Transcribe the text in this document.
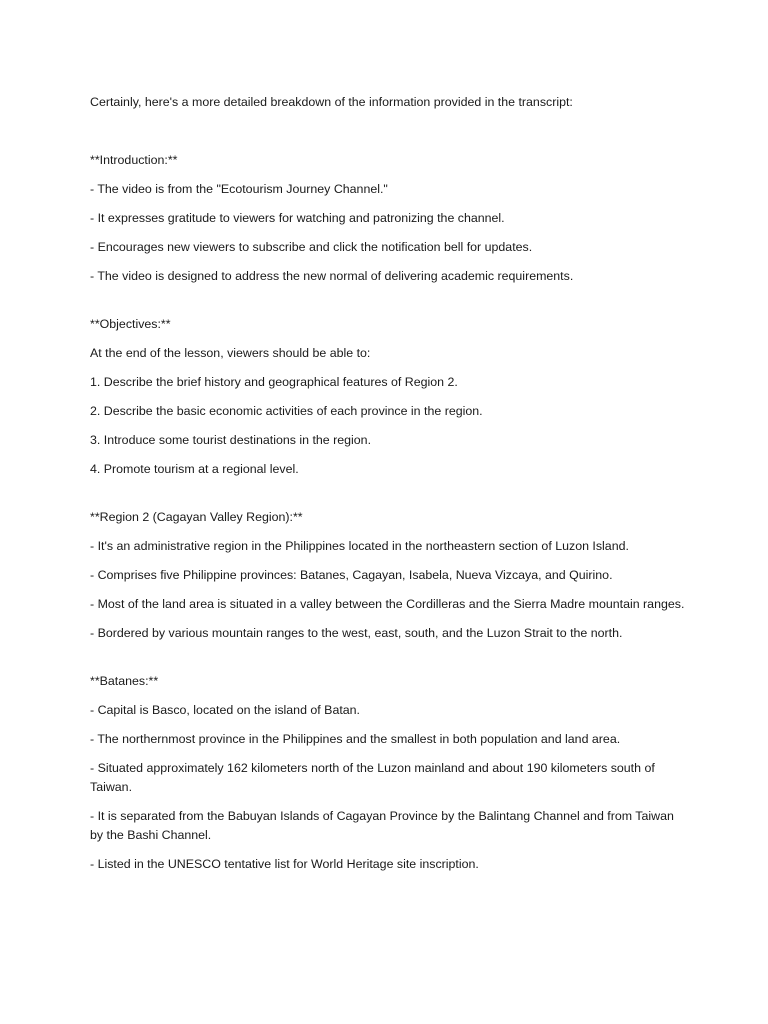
Certainly, here's a more detailed breakdown of the information provided in the transcript:

**Introduction:**

- The video is from the "Ecotourism Journey Channel."

- It expresses gratitude to viewers for watching and patronizing the channel.

- Encourages new viewers to subscribe and click the notification bell for updates.

- The video is designed to address the new normal of delivering academic requirements.

**Objectives:**

At the end of the lesson, viewers should be able to:

1. Describe the brief history and geographical features of Region 2.

2. Describe the basic economic activities of each province in the region.

3. Introduce some tourist destinations in the region.

4. Promote tourism at a regional level.

**Region 2 (Cagayan Valley Region):**

- It's an administrative region in the Philippines located in the northeastern section of Luzon Island.

- Comprises five Philippine provinces: Batanes, Cagayan, Isabela, Nueva Vizcaya, and Quirino.

- Most of the land area is situated in a valley between the Cordilleras and the Sierra Madre mountain ranges.

- Bordered by various mountain ranges to the west, east, south, and the Luzon Strait to the north.

**Batanes:**

- Capital is Basco, located on the island of Batan.

- The northernmost province in the Philippines and the smallest in both population and land area.

- Situated approximately 162 kilometers north of the Luzon mainland and about 190 kilometers south of Taiwan.

- It is separated from the Babuyan Islands of Cagayan Province by the Balintang Channel and from Taiwan by the Bashi Channel.

- Listed in the UNESCO tentative list for World Heritage site inscription.
